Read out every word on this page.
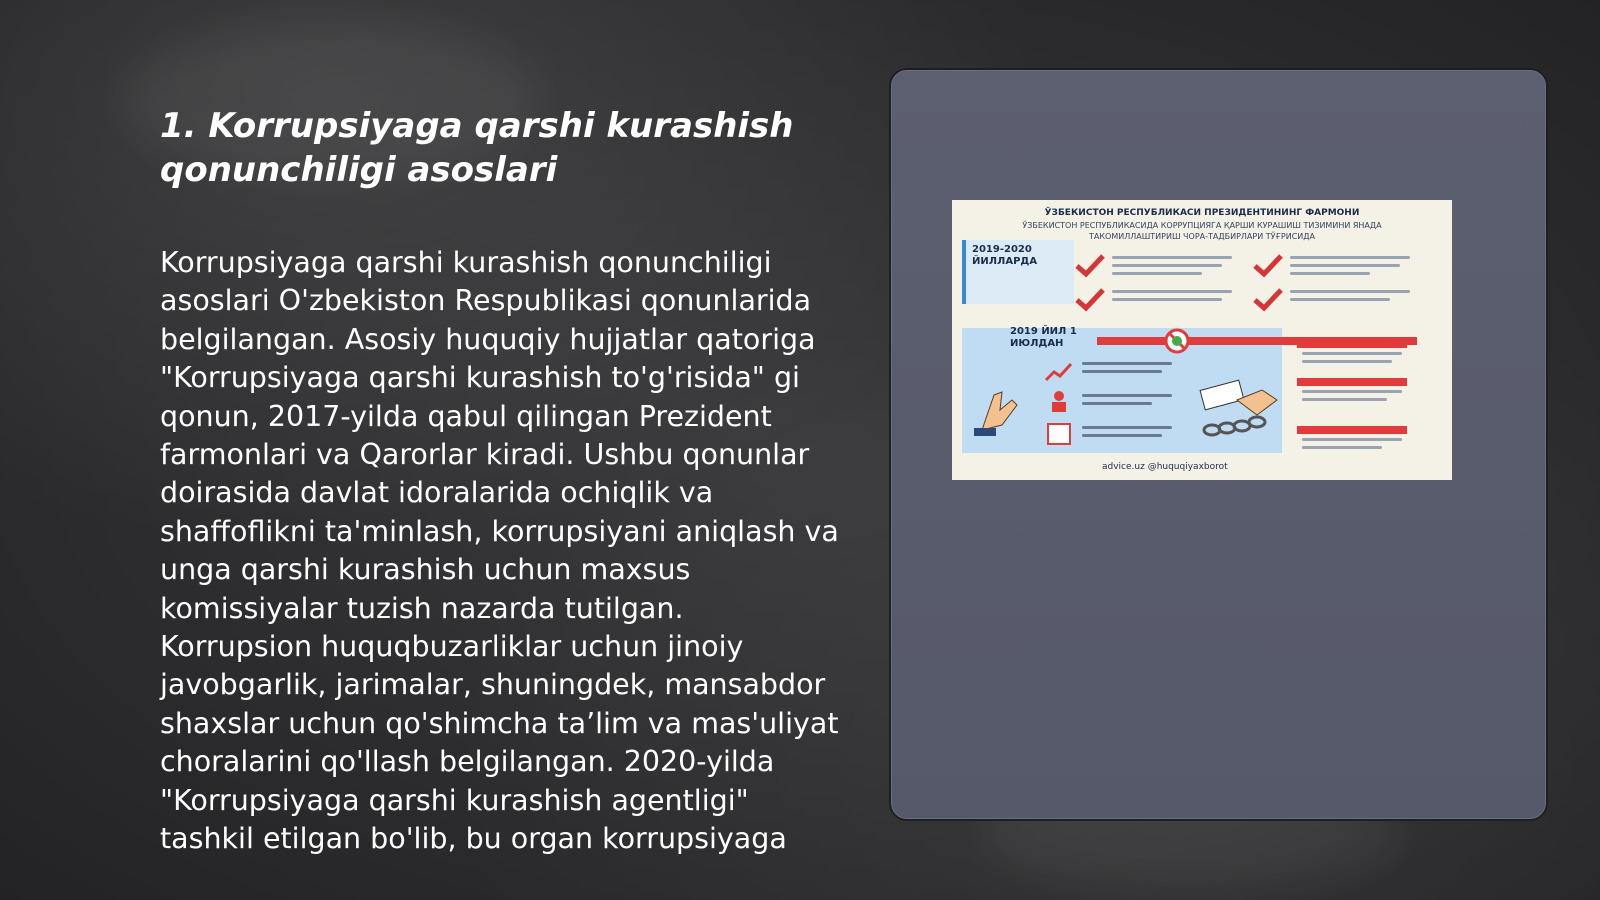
1. Korrupsiyaga qarshi kurashish qonunchiligi asoslari

Korrupsiyaga qarshi kurashish qonunchiligi asoslari O'zbekiston Respublikasi qonunlarida belgilangan. Asosiy huquqiy hujjatlar qatoriga "Korrupsiyaga qarshi kurashish to'g'risida" gi qonun, 2017-yilda qabul qilingan Prezident farmonlari va Qarorlar kiradi. Ushbu qonunlar doirasida davlat idoralarida ochiqlik va shaffoflikni ta'minlash, korrupsiyani aniqlash va unga qarshi kurashish uchun maxsus komissiyalar tuzish nazarda tutilgan. Korrupsion huquqbuzarliklar uchun jinoiy javobgarlik, jarimalar, shuningdek, mansabdor shaxslar uchun qo'shimcha ta’lim va mas'uliyat choralarini qo'llash belgilangan. 2020-yilda "Korrupsiyaga qarshi kurashish agentligi" tashkil etilgan bo'lib, bu organ korrupsiyaga

ЎЗБЕКИСТОН РЕСПУБЛИКАСИ ПРЕЗИДЕНТИНИНГ ФАРМОНИ
ЎЗБЕКИСТОН РЕСПУБЛИКАСИДА КОРРУПЦИЯГА ҚАРШИ КУРАШИШ ТИЗИМИНИ ЯНАДА ТАКОМИЛЛАШТИРИШ ЧОРА-ТАДБИРЛАРИ ТЎҒРИСИДА
2019-2020 ЙИЛЛАРДА
2019 ЙИЛ 1 ИЮЛДАН
advice.uz @huquqiyaxborot
